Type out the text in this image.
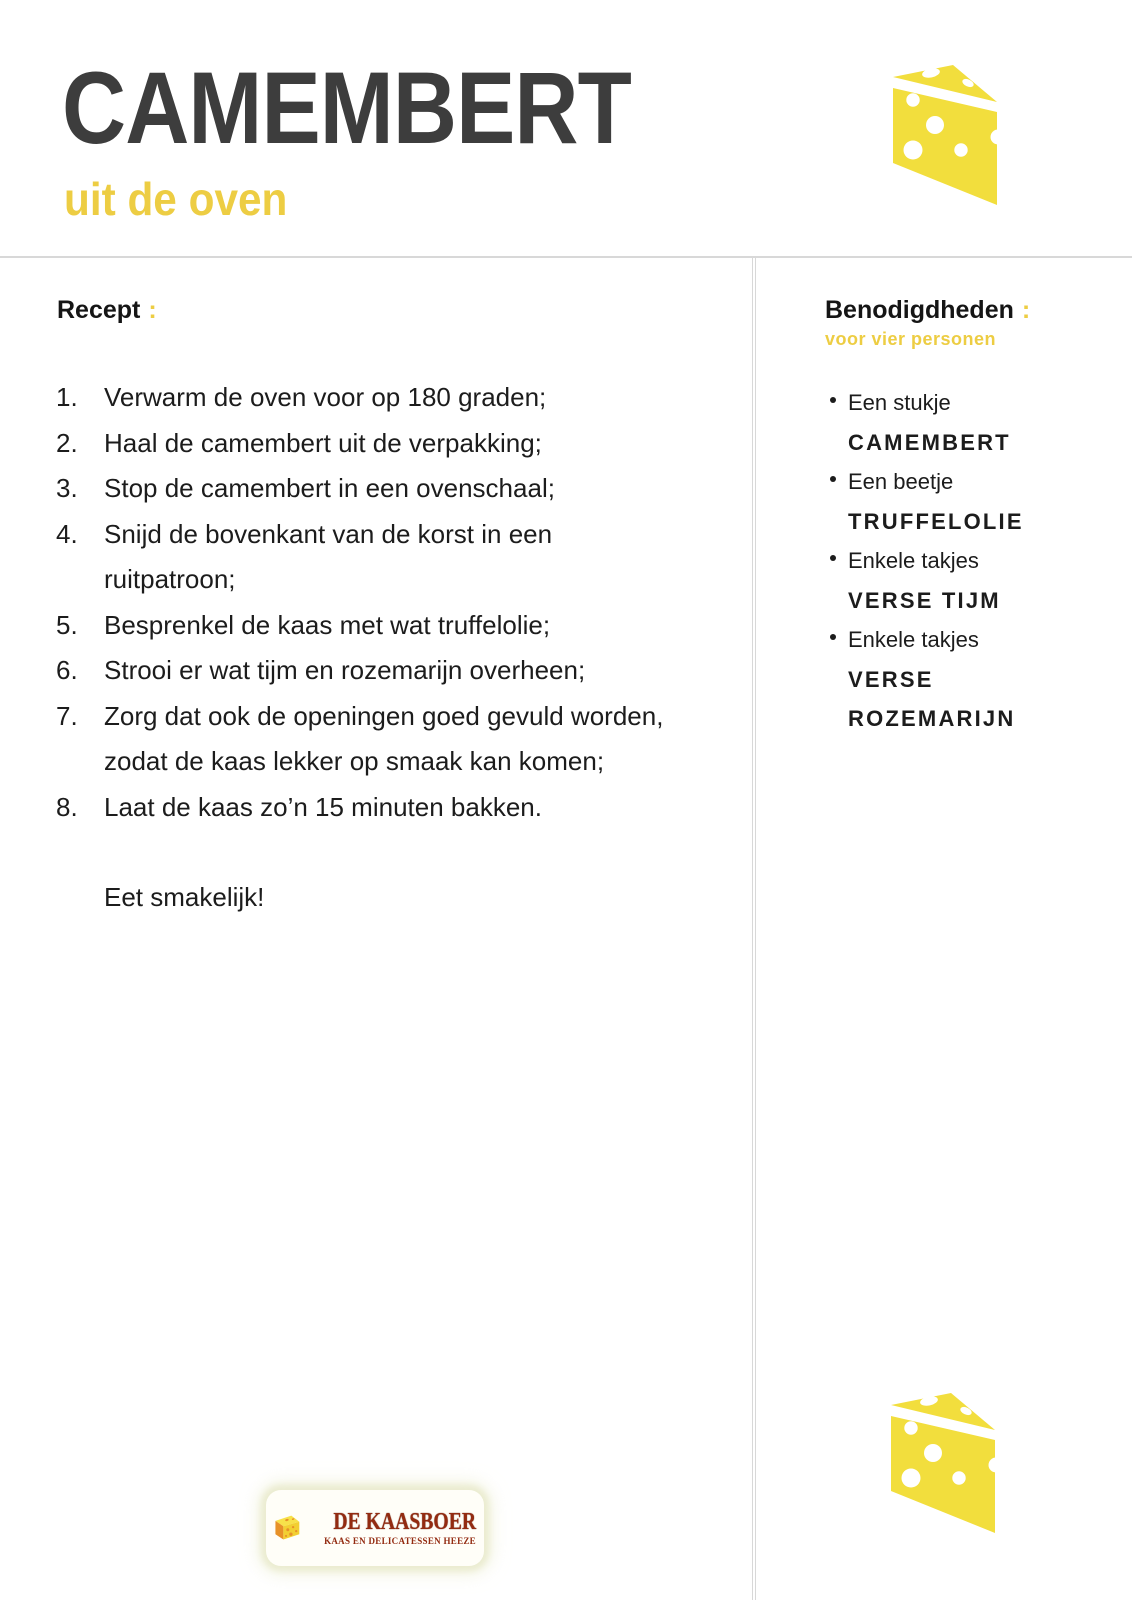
CAMEMBERT
uit de oven
Recept :
1.	Verwarm de oven voor op 180 graden;
2.	Haal de camembert uit de verpakking;
3.	Stop de camembert in een ovenschaal;
4.	Snijd de bovenkant van de korst in een ruitpatroon;
5.	Besprenkel de kaas met wat truffelolie;
6.	Strooi er wat tijm en rozemarijn overheen;
7.	Zorg dat ook de openingen goed gevuld worden, zodat de kaas lekker op smaak kan komen;
8.	Laat de kaas zo’n 15 minuten bakken.

Eet smakelijk!

Benodigdheden :
voor vier personen
Een stukje
CAMEMBERT
Een beetje
TRUFFELOLIE
Enkele takjes
VERSE TIJM
Enkele takjes
VERSE ROZEMARIJN
DE KAASBOER
KAAS EN DELICATESSEN HEEZE
